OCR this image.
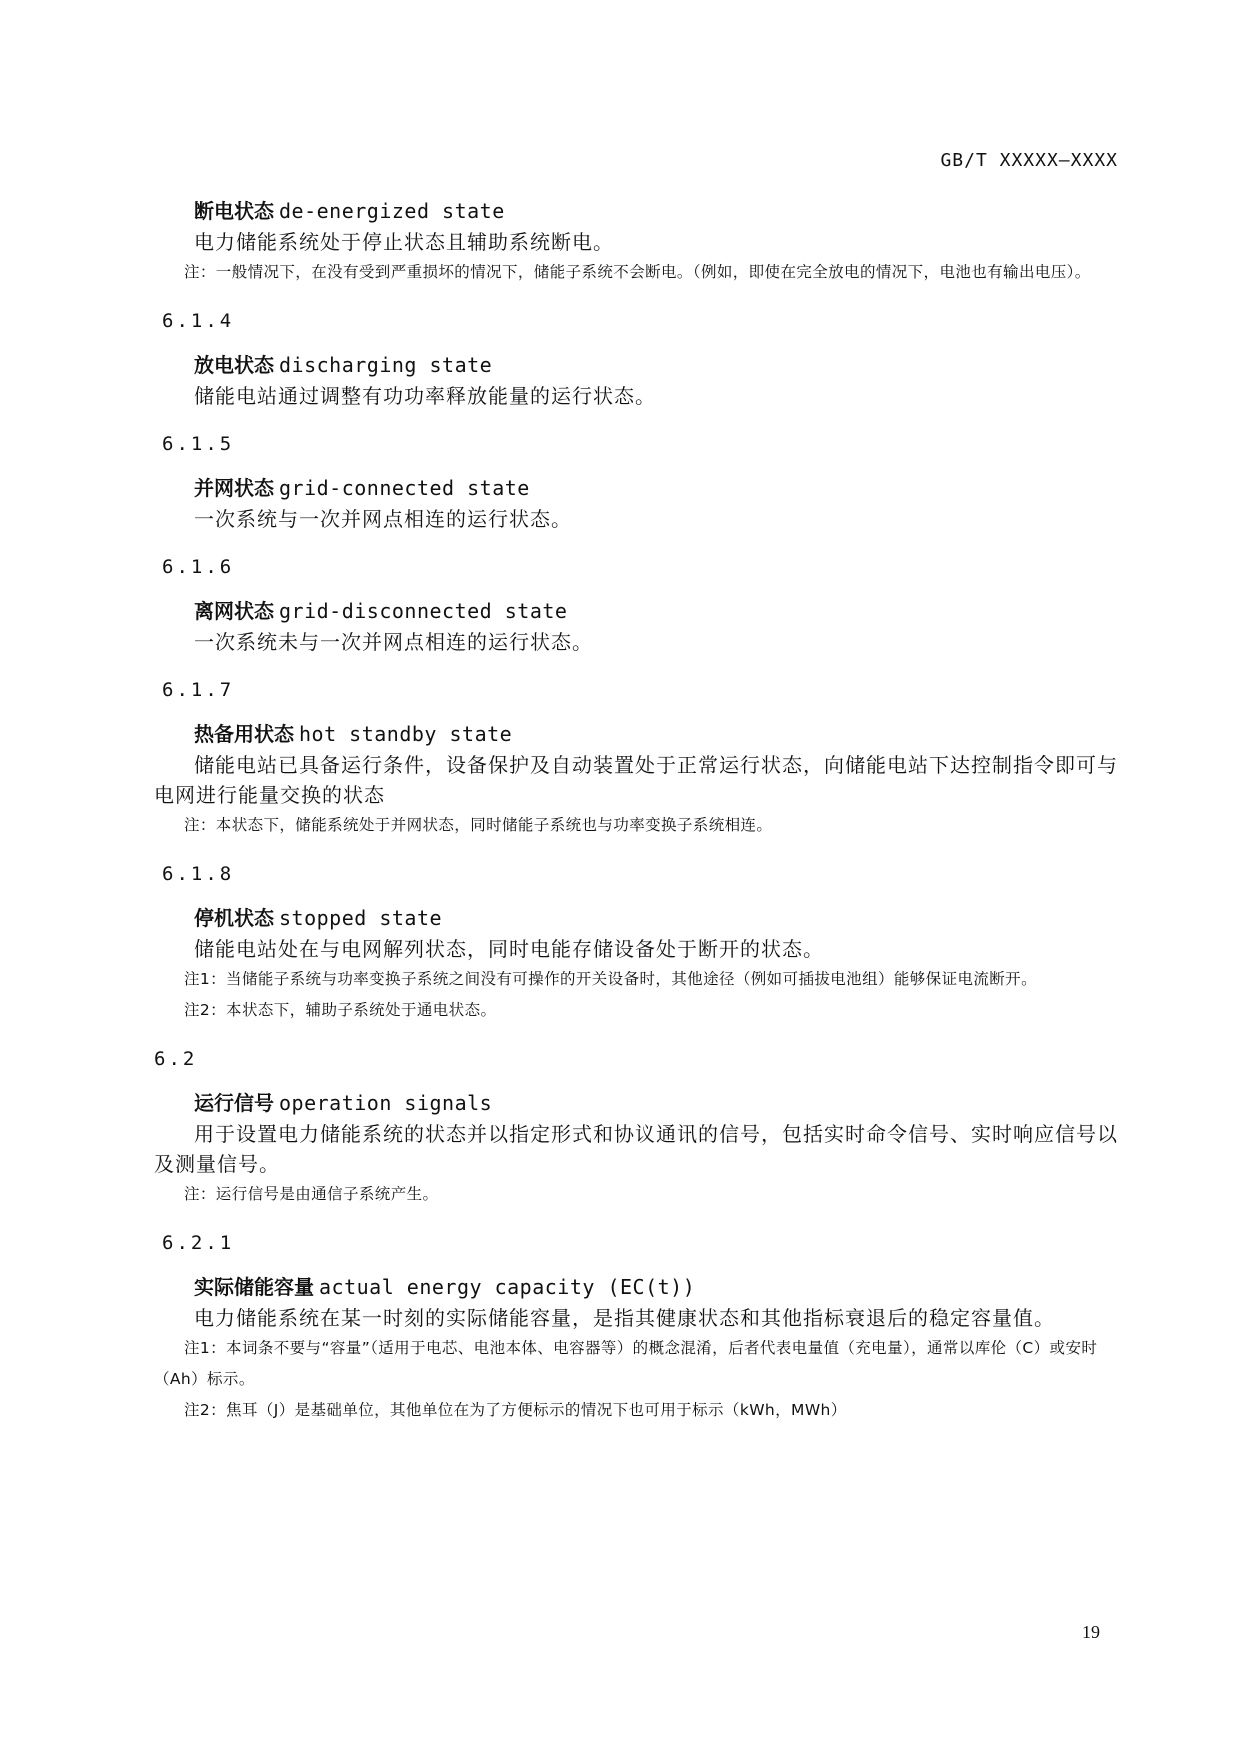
GB/T XXXXX—XXXX
断电状态 de-energized state
电力储能系统处于停止状态且辅助系统断电。
注：一般情况下，在没有受到严重损坏的情况下，储能子系统不会断电。（例如，即使在完全放电的情况下，电池也有输出电压）。
6.1.4
放电状态 discharging state
储能电站通过调整有功功率释放能量的运行状态。
6.1.5
并网状态 grid-connected state
一次系统与一次并网点相连的运行状态。
6.1.6
离网状态 grid-disconnected state
一次系统未与一次并网点相连的运行状态。
6.1.7
热备用状态 hot standby state
储能电站已具备运行条件，设备保护及自动装置处于正常运行状态，向储能电站下达控制指令即可与电网进行能量交换的状态
注：本状态下，储能系统处于并网状态，同时储能子系统也与功率变换子系统相连。
6.1.8
停机状态 stopped state
储能电站处在与电网解列状态，同时电能存储设备处于断开的状态。
注1：当储能子系统与功率变换子系统之间没有可操作的开关设备时，其他途径（例如可插拔电池组）能够保证电流断开。
注2：本状态下，辅助子系统处于通电状态。
6.2
运行信号 operation signals
用于设置电力储能系统的状态并以指定形式和协议通讯的信号，包括实时命令信号、实时响应信号以及测量信号。
注：运行信号是由通信子系统产生。
6.2.1
实际储能容量 actual energy capacity (EC(t))
电力储能系统在某一时刻的实际储能容量，是指其健康状态和其他指标衰退后的稳定容量值。
注1：本词条不要与“容量”（适用于电芯、电池本体、电容器等）的概念混淆，后者代表电量值（充电量），通常以库伦（C）或安时（Ah）标示。
注2：焦耳（J）是基础单位，其他单位在为了方便标示的情况下也可用于标示（kWh，MWh）
19
